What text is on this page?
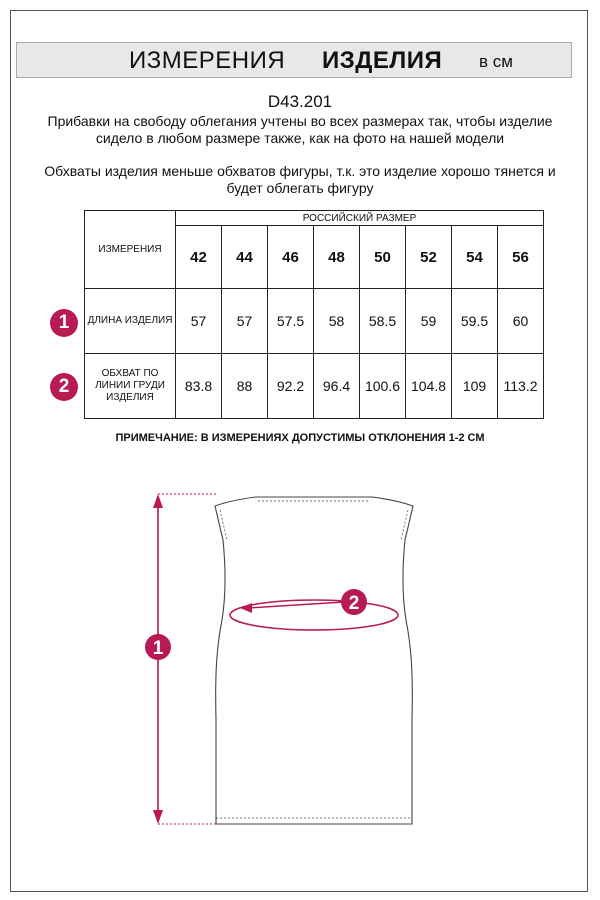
ИЗМЕРЕНИЯ ИЗДЕЛИЯ в см
D43.201
Прибавки на свободу облегания учтены во всех размерах так, чтобы изделие сидело в любом размере также, как на фото на нашей модели
Обхваты изделия меньше обхватов фигуры, т.к. это изделие хорошо тянется и будет облегать фигуру
ИЗМЕРЕНИЯ	РОССИЙСКИЙ РАЗМЕР							
	42	44	46	48	50	52	54	56
ДЛИНА ИЗДЕЛИЯ	57	57	57.5	58	58.5	59	59.5	60
ОБХВАТ ПО ЛИНИИ ГРУДИ ИЗДЕЛИЯ	83.8	88	92.2	96.4	100.6	104.8	109	113.2
1
2
ПРИМЕЧАНИЕ: В ИЗМЕРЕНИЯХ ДОПУСТИМЫ ОТКЛОНЕНИЯ 1-2 СМ
1
2
